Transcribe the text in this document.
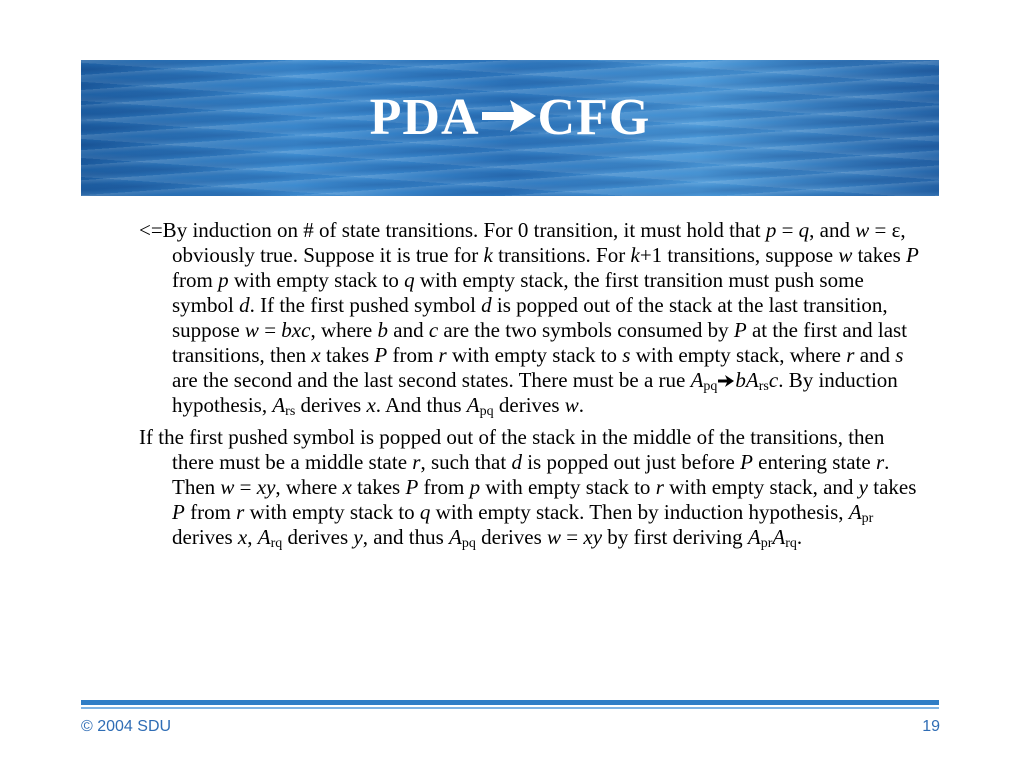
PDA CFG

<=By induction on # of state transitions. For 0 transition, it must hold that p = q, and w = ε, obviously true. Suppose it is true for k transitions. For k+1 transitions, suppose w takes P from p with empty stack to q with empty stack, the first transition must push some symbol d. If the first pushed symbol d is popped out of the stack at the last transition, suppose w = bxc, where b and c are the two symbols consumed by P at the first and last transitions, then x takes P from r with empty stack to s with empty stack, where r and s are the second and the last second states. There must be a rue $A_{pq}$ $bA_{rs}c$. By induction hypothesis, $A_{rs}$ derives x. And thus $A_{pq}$ derives w.

If the first pushed symbol is popped out of the stack in the middle of the transitions, then there must be a middle state r, such that d is popped out just before P entering state r. Then w = xy, where x takes P from p with empty stack to r with empty stack, and y takes P from r with empty stack to q with empty stack. Then by induction hypothesis, $A_{pr}$ derives x, $A_{rq}$ derives y, and thus $A_{pq}$ derives w = xy by first deriving $A_{pr}A_{rq}$.

© 2004 SDU	19
